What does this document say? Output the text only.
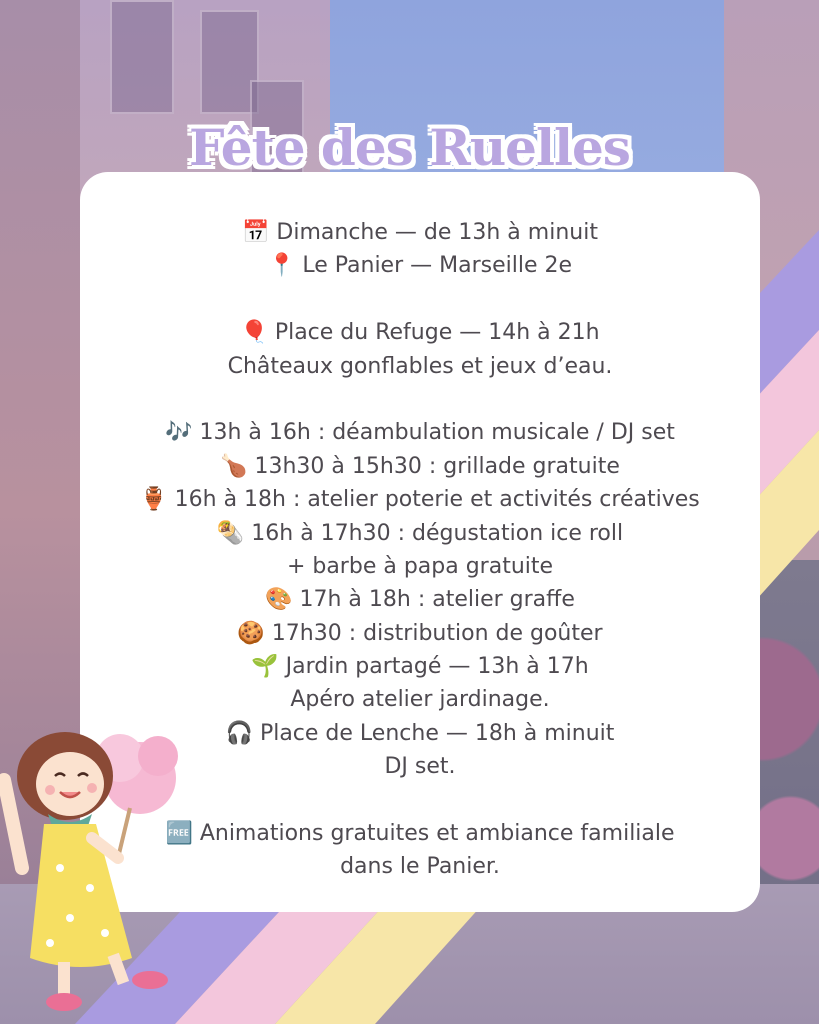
Fête des Ruelles
📅 Dimanche — de 13h à minuit
📍 Le Panier — Marseille 2e
🎈 Place du Refuge — 14h à 21h
Châteaux gonflables et jeux d’eau.
🎶 13h à 16h : déambulation musicale / DJ set
🍗 13h30 à 15h30 : grillade gratuite
🏺 16h à 18h : atelier poterie et activités créatives
🌯 16h à 17h30 : dégustation ice roll
+ barbe à papa gratuite
🎨 17h à 18h : atelier graffe
🍪 17h30 : distribution de goûter
🌱 Jardin partagé — 13h à 17h
Apéro atelier jardinage.
🎧 Place de Lenche — 18h à minuit
DJ set.
🆓 Animations gratuites et ambiance familiale
dans le Panier.
